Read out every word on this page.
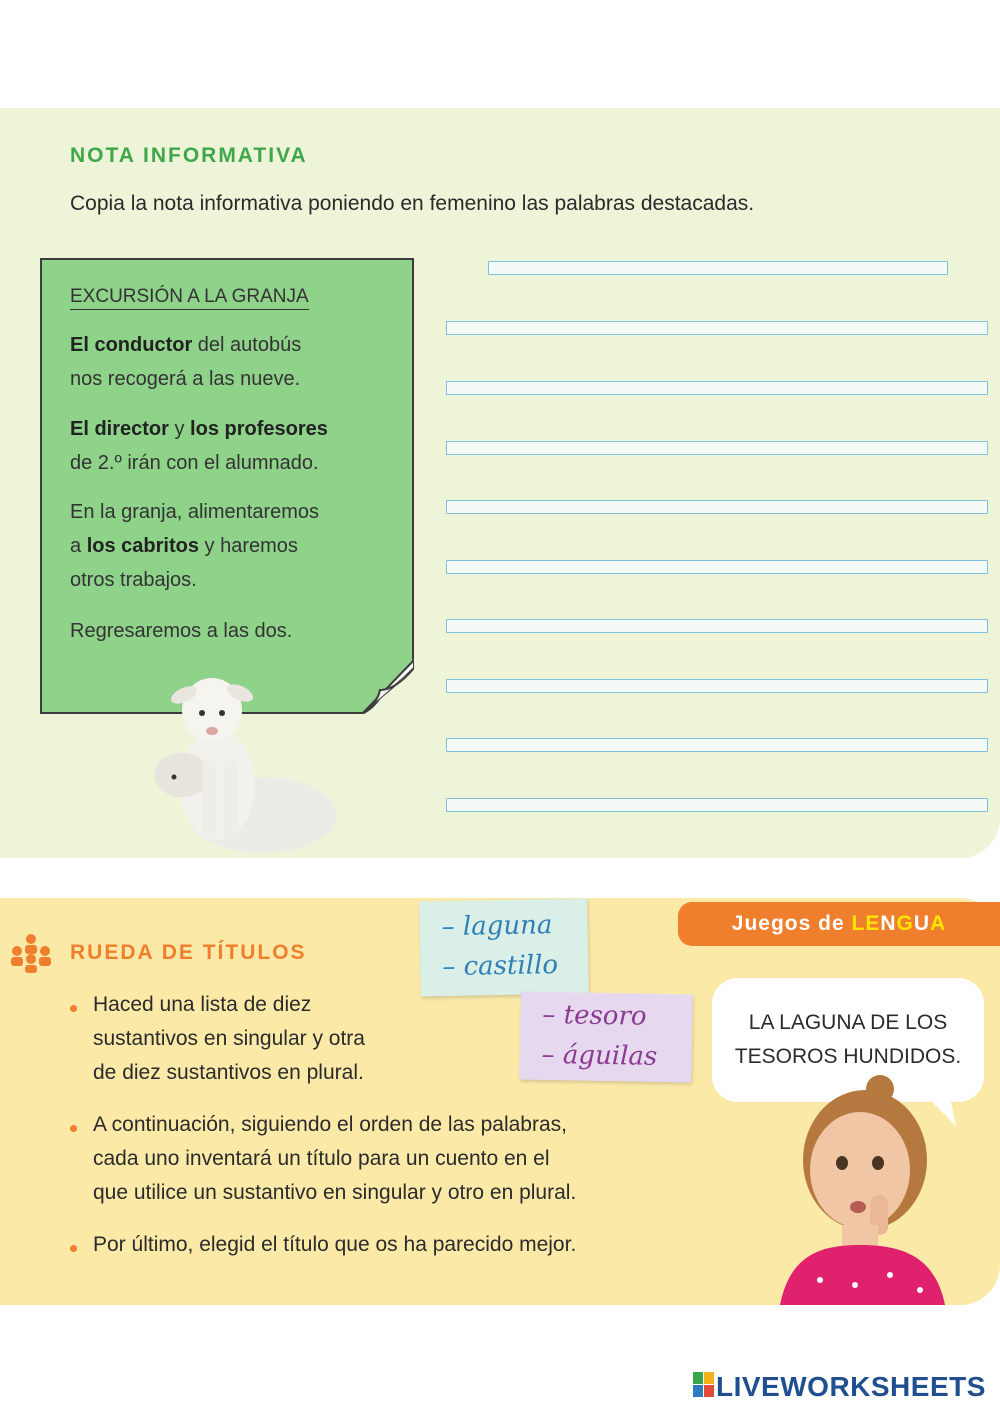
NOTA INFORMATIVA
Copia la nota informativa poniendo en femenino las palabras destacadas.
EXCURSIÓN A LA GRANJA
El conductor del autobús
nos recogerá a las nueve.
El director y los profesores
de 2.º irán con el alumnado.
En la granja, alimentaremos
a los cabritos y haremos
otros trabajos.
Regresaremos a las dos.
RUEDA DE TÍTULOS
Haced una lista de diez
sustantivos en singular y otra
de diez sustantivos en plural.
A continuación, siguiendo el orden de las palabras,
cada uno inventará un título para un cuento en el
que utilice un sustantivo en singular y otro en plural.
Por último, elegid el título que os ha parecido mejor.
– laguna
– castillo
– tesoro
– águilas
Juegos de LENGUA
LA LAGUNA DE LOS
TESOROS HUNDIDOS.
LIVEWORKSHEETS
